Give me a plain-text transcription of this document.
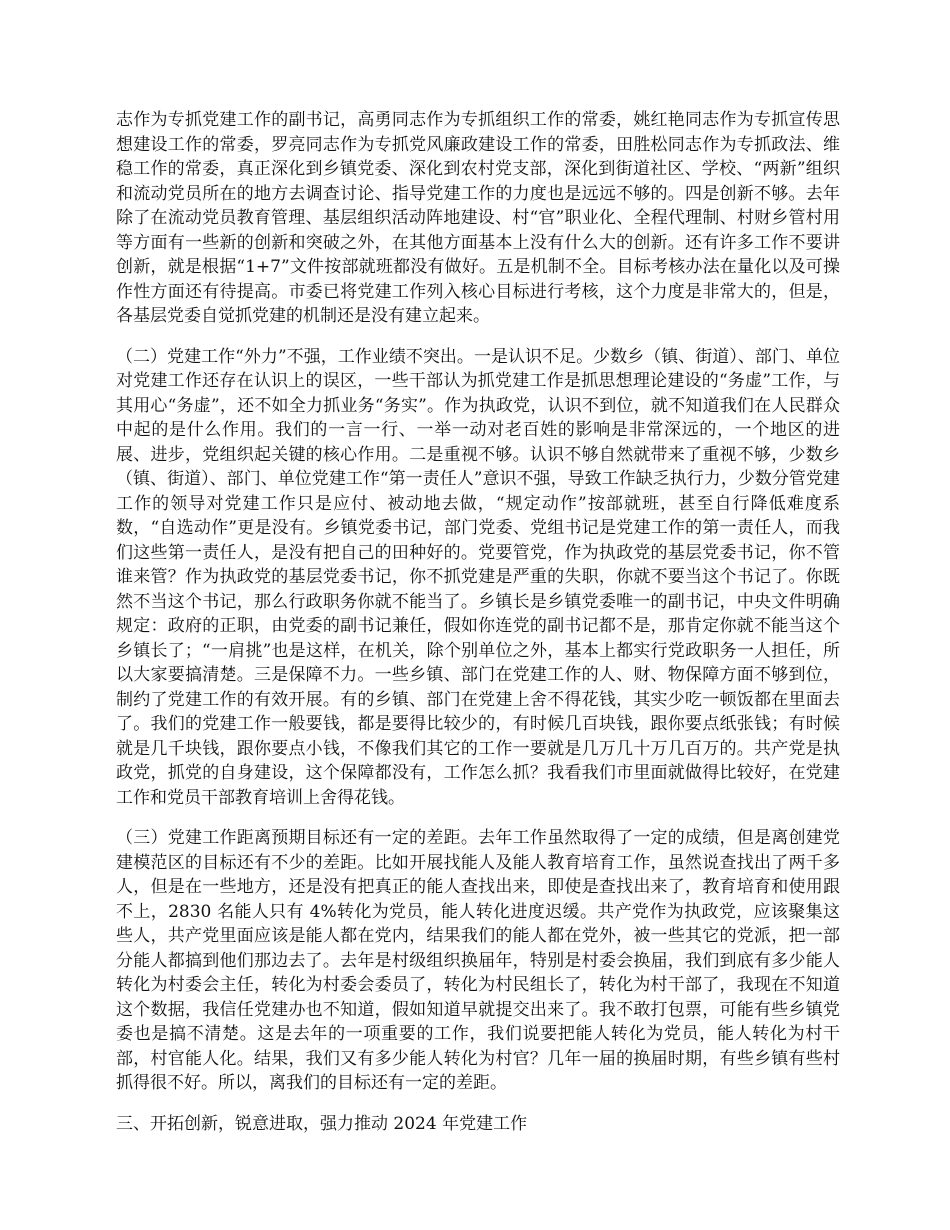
志作为专抓党建工作的副书记，高勇同志作为专抓组织工作的常委，姚红艳同志作为专抓宣传思想建设工作的常委，罗亮同志作为专抓党风廉政建设工作的常委，田胜松同志作为专抓政法、维稳工作的常委，真正深化到乡镇党委、深化到农村党支部，深化到街道社区、学校、“两新”组织和流动党员所在的地方去调查讨论、指导党建工作的力度也是远远不够的。四是创新不够。去年除了在流动党员教育管理、基层组织活动阵地建设、村“官”职业化、全程代理制、村财乡管村用等方面有一些新的创新和突破之外，在其他方面基本上没有什么大的创新。还有许多工作不要讲创新，就是根据“1+7”文件按部就班都没有做好。五是机制不全。目标考核办法在量化以及可操作性方面还有待提高。市委已将党建工作列入核心目标进行考核，这个力度是非常大的，但是，各基层党委自觉抓党建的机制还是没有建立起来。

（二）党建工作“外力”不强，工作业绩不突出。一是认识不足。少数乡（镇、街道）、部门、单位对党建工作还存在认识上的误区，一些干部认为抓党建工作是抓思想理论建设的“务虚”工作，与其用心“务虚”，还不如全力抓业务“务实”。作为执政党，认识不到位，就不知道我们在人民群众中起的是什么作用。我们的一言一行、一举一动对老百姓的影响是非常深远的，一个地区的进展、进步，党组织起关键的核心作用。二是重视不够。认识不够自然就带来了重视不够，少数乡（镇、街道）、部门、单位党建工作“第一责任人”意识不强，导致工作缺乏执行力，少数分管党建工作的领导对党建工作只是应付、被动地去做，“规定动作”按部就班，甚至自行降低难度系数，“自选动作”更是没有。乡镇党委书记，部门党委、党组书记是党建工作的第一责任人，而我们这些第一责任人，是没有把自己的田种好的。党要管党，作为执政党的基层党委书记，你不管谁来管？作为执政党的基层党委书记，你不抓党建是严重的失职，你就不要当这个书记了。你既然不当这个书记，那么行政职务你就不能当了。乡镇长是乡镇党委唯一的副书记，中央文件明确规定：政府的正职，由党委的副书记兼任，假如你连党的副书记都不是，那肯定你就不能当这个乡镇长了；“一肩挑”也是这样，在机关，除个别单位之外，基本上都实行党政职务一人担任，所以大家要搞清楚。三是保障不力。一些乡镇、部门在党建工作的人、财、物保障方面不够到位，制约了党建工作的有效开展。有的乡镇、部门在党建上舍不得花钱，其实少吃一顿饭都在里面去了。我们的党建工作一般要钱，都是要得比较少的，有时候几百块钱，跟你要点纸张钱；有时候就是几千块钱，跟你要点小钱，不像我们其它的工作一要就是几万几十万几百万的。共产党是执政党，抓党的自身建设，这个保障都没有，工作怎么抓？我看我们市里面就做得比较好，在党建工作和党员干部教育培训上舍得花钱。

（三）党建工作距离预期目标还有一定的差距。去年工作虽然取得了一定的成绩，但是离创建党建模范区的目标还有不少的差距。比如开展找能人及能人教育培育工作，虽然说查找出了两千多人，但是在一些地方，还是没有把真正的能人查找出来，即使是查找出来了，教育培育和使用跟不上，2830 名能人只有 4%转化为党员，能人转化进度迟缓。共产党作为执政党，应该聚集这些人，共产党里面应该是能人都在党内，结果我们的能人都在党外，被一些其它的党派，把一部分能人都搞到他们那边去了。去年是村级组织换届年，特别是村委会换届，我们到底有多少能人转化为村委会主任，转化为村委会委员了，转化为村民组长了，转化为村干部了，我现在不知道这个数据，我信任党建办也不知道，假如知道早就提交出来了。我不敢打包票，可能有些乡镇党委也是搞不清楚。这是去年的一项重要的工作，我们说要把能人转化为党员，能人转化为村干部，村官能人化。结果，我们又有多少能人转化为村官？几年一届的换届时期，有些乡镇有些村抓得很不好。所以，离我们的目标还有一定的差距。

三、开拓创新，锐意进取，强力推动 2024 年党建工作
